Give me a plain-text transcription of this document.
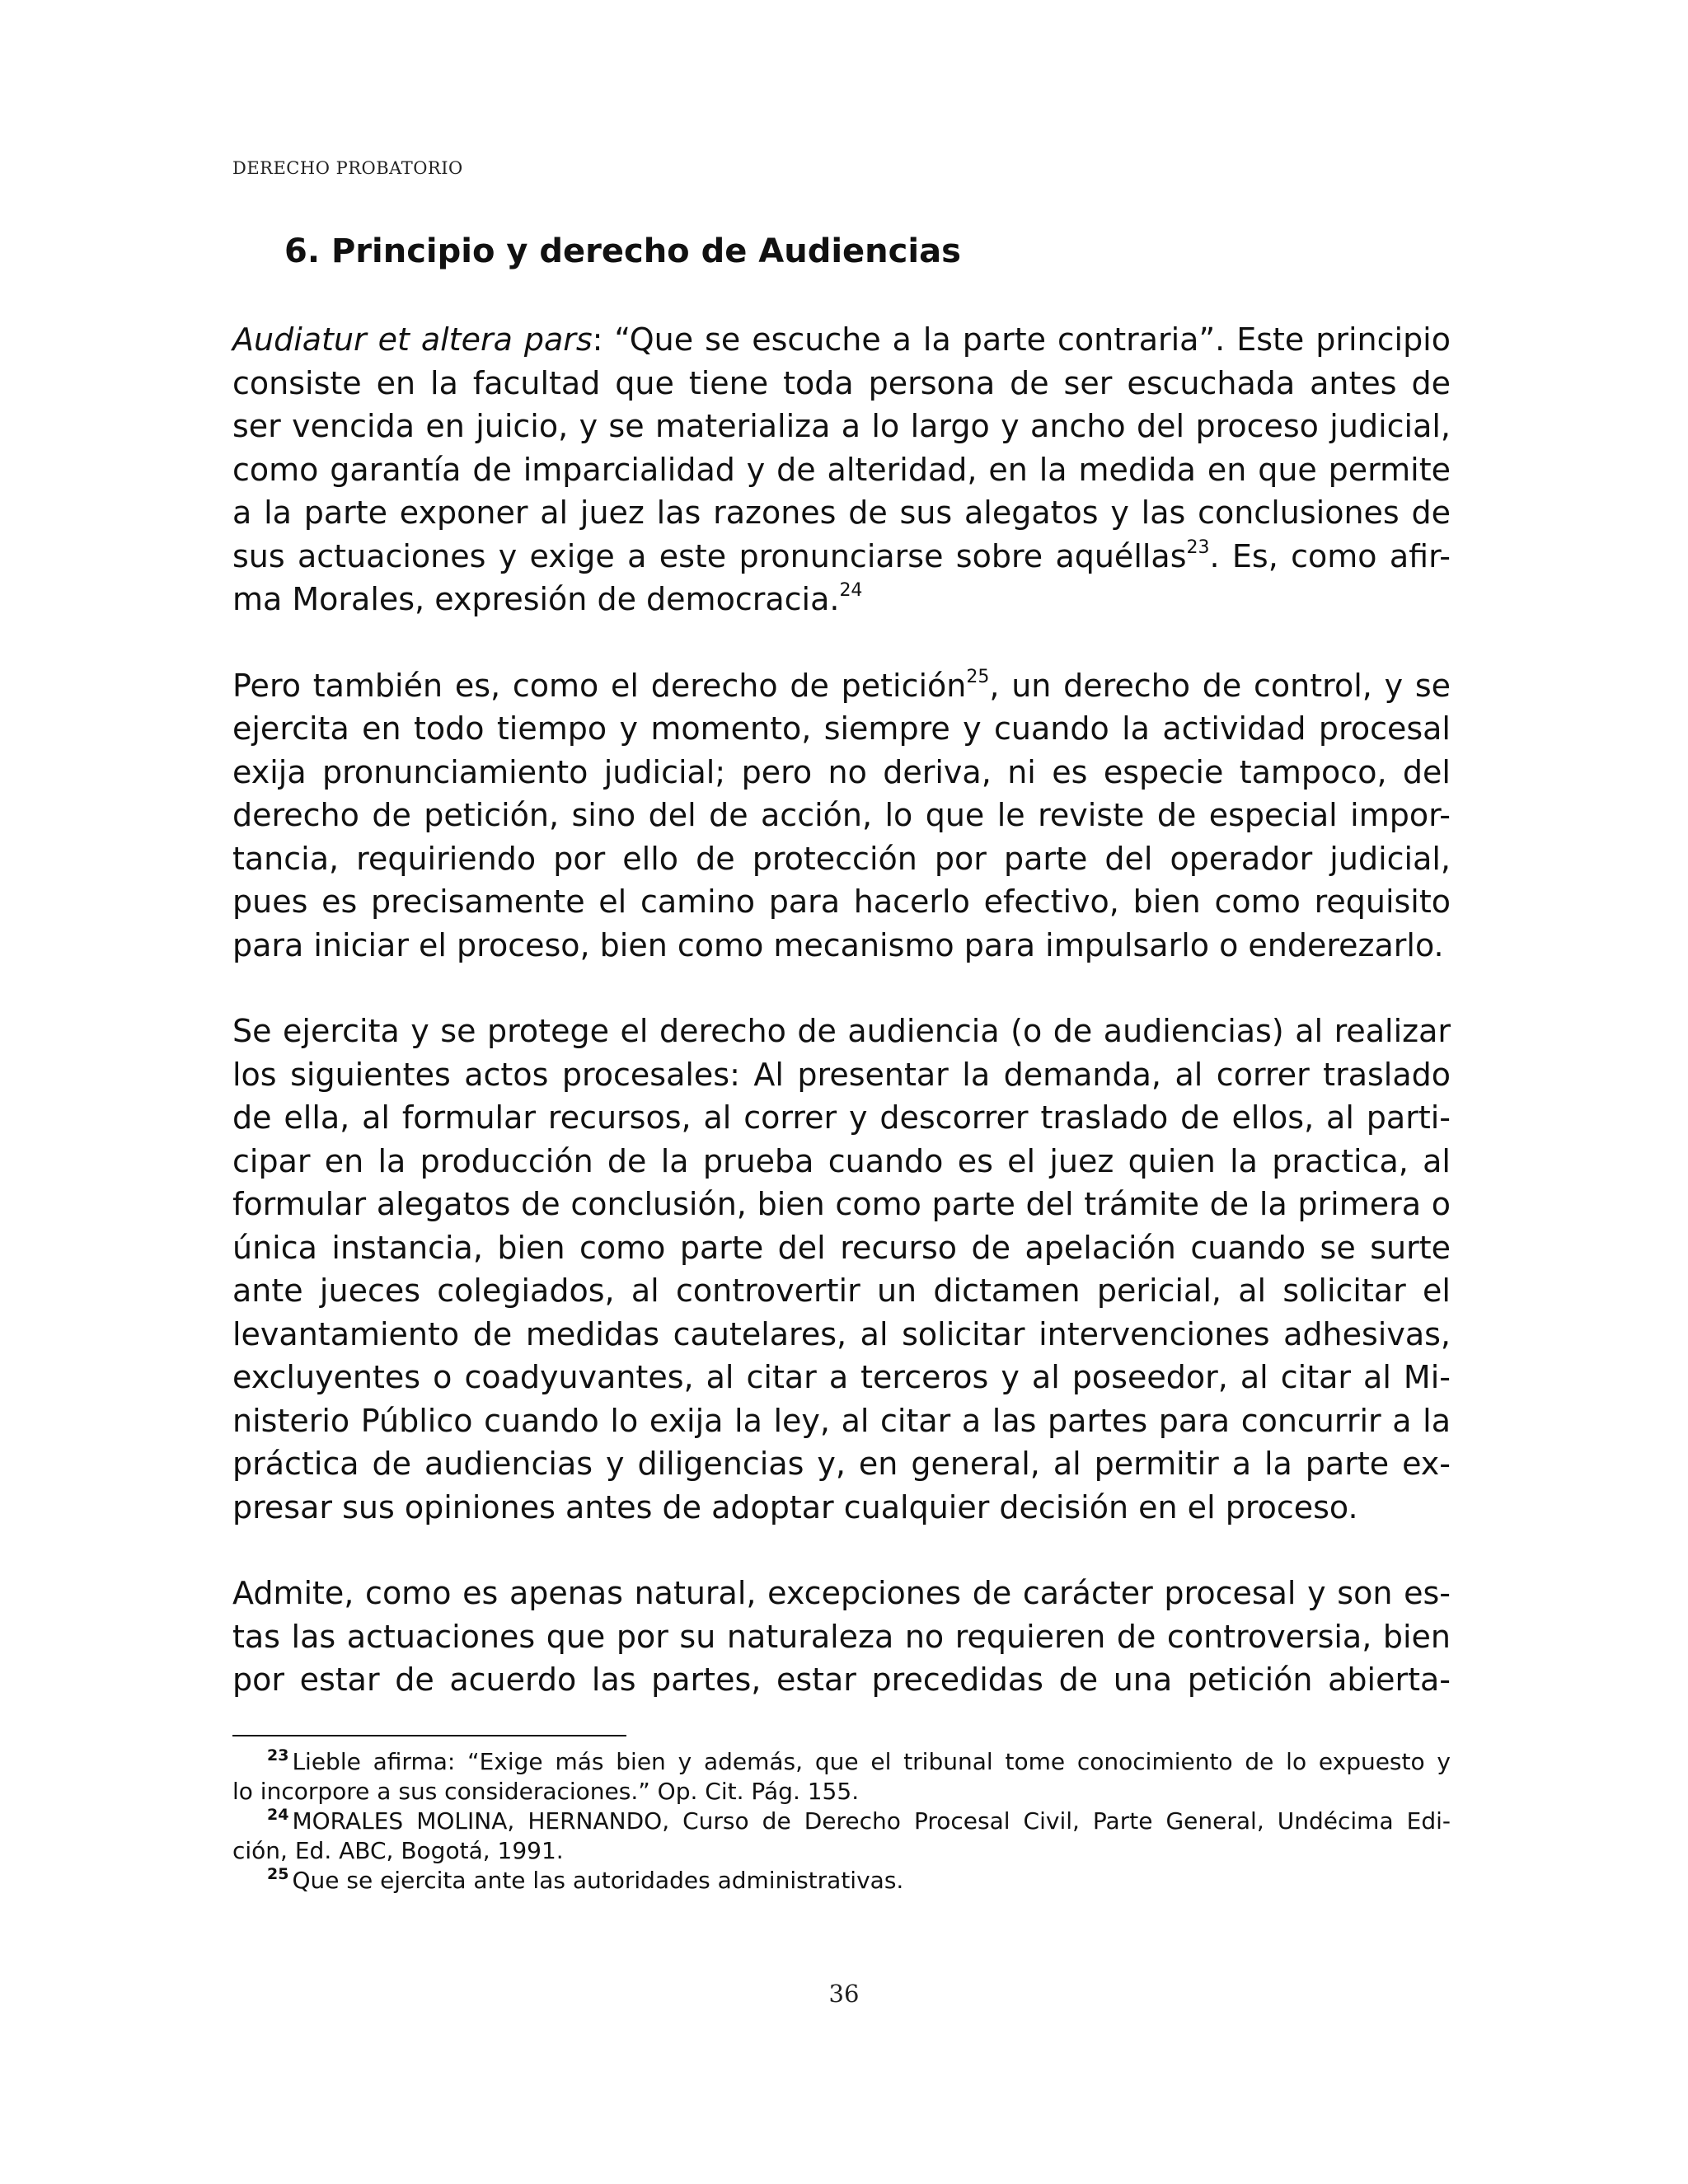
DERECHO PROBATORIO
6. Principio y derecho de Audiencias

Audiatur et altera pars: “Que se escuche a la parte contraria”. Este principio
consiste en la facultad que tiene toda persona de ser escuchada antes de
ser vencida en juicio, y se materializa a lo largo y ancho del proceso judicial,
como garantía de imparcialidad y de alteridad, en la medida en que permite
a la parte exponer al juez las razones de sus alegatos y las conclusiones de
sus actuaciones y exige a este pronunciarse sobre aquéllas$^{23}$. Es, como afir-
ma Morales, expresión de democracia.$^{24}$

Pero también es, como el derecho de petición$^{25}$, un derecho de control, y se
ejercita en todo tiempo y momento, siempre y cuando la actividad procesal
exija pronunciamiento judicial; pero no deriva, ni es especie tampoco, del
derecho de petición, sino del de acción, lo que le reviste de especial impor-
tancia, requiriendo por ello de protección por parte del operador judicial,
pues es precisamente el camino para hacerlo efectivo, bien como requisito
para iniciar el proceso, bien como mecanismo para impulsarlo o enderezarlo.

Se ejercita y se protege el derecho de audiencia (o de audiencias) al realizar
los siguientes actos procesales: Al presentar la demanda, al correr traslado
de ella, al formular recursos, al correr y descorrer traslado de ellos, al parti-
cipar en la producción de la prueba cuando es el juez quien la practica, al
formular alegatos de conclusión, bien como parte del trámite de la primera o
única instancia, bien como parte del recurso de apelación cuando se surte
ante jueces colegiados, al controvertir un dictamen pericial, al solicitar el
levantamiento de medidas cautelares, al solicitar intervenciones adhesivas,
excluyentes o coadyuvantes, al citar a terceros y al poseedor, al citar al Mi-
nisterio Público cuando lo exija la ley, al citar a las partes para concurrir a la
práctica de audiencias y diligencias y, en general, al permitir a la parte ex-
presar sus opiniones antes de adoptar cualquier decisión en el proceso.

Admite, como es apenas natural, excepciones de carácter procesal y son es-
tas las actuaciones que por su naturaleza no requieren de controversia, bien
por estar de acuerdo las partes, estar precedidas de una petición abierta-

$^{23}$ Lieble afirma: “Exige más bien y además, que el tribunal tome conocimiento de lo expuesto y
lo incorpore a sus consideraciones.” Op. Cit. Pág. 155.

$^{24}$ MORALES MOLINA, HERNANDO, Curso de Derecho Procesal Civil, Parte General, Undécima Edi-
ción, Ed. ABC, Bogotá, 1991.

$^{25}$ Que se ejercita ante las autoridades administrativas.

36
